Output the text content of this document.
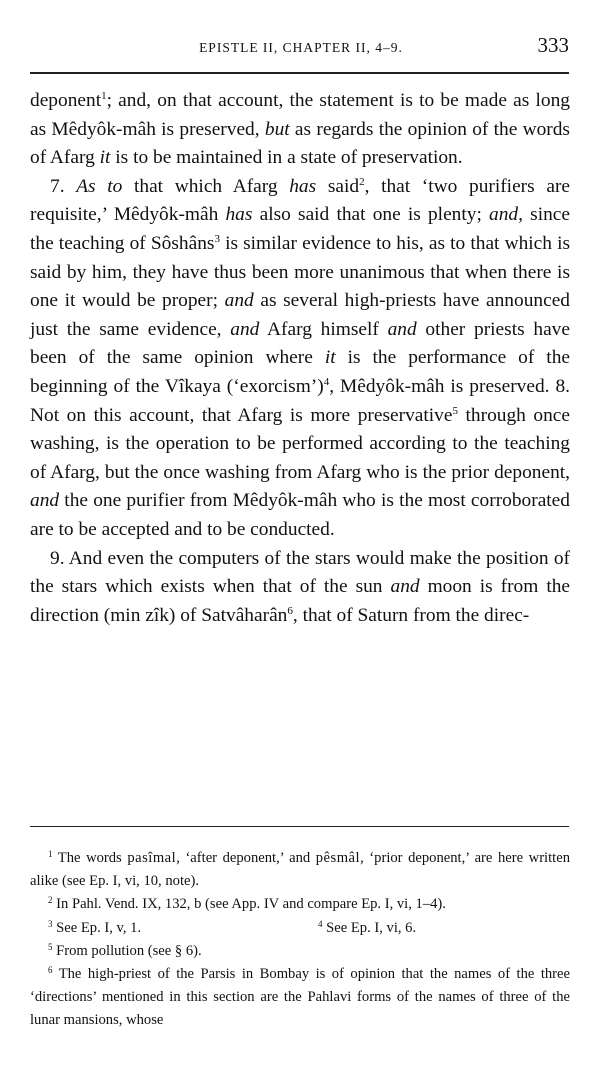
EPISTLE II, CHAPTER II, 4–9.	333

deponent$^1$; and, on that account, the statement is to be made as long as Mêdyôk-mâh is preserved, but as regards the opinion of the words of Afarg it is to be maintained in a state of preservation.

7. As to that which Afarg has said$^2$, that ‘two purifiers are requisite,’ Mêdyôk-mâh has also said that one is plenty; and, since the teaching of Sôshâns$^3$ is similar evidence to his, as to that which is said by him, they have thus been more unanimous that when there is one it would be proper; and as several high-priests have announced just the same evidence, and Afarg himself and other priests have been of the same opinion where it is the performance of the beginning of the Vîkaya (‘exorcism’)$^4$, Mêdyôk-mâh is preserved. 8. Not on this account, that Afarg is more preservative$^5$ through once washing, is the operation to be performed according to the teaching of Afarg, but the once washing from Afarg who is the prior deponent, and the one purifier from Mêdyôk-mâh who is the most corroborated are to be accepted and to be conducted.

9. And even the computers of the stars would make the position of the stars which exists when that of the sun and moon is from the direction (min zîk) of Satvâharân$^6$, that of Saturn from the direc-

$^1$ The words pasîmal, ‘after deponent,’ and pêsmâl, ‘prior deponent,’ are here written alike (see Ep. I, vi, 10, note).

$^2$ In Pahl. Vend. IX, 132, b (see App. IV and compare Ep. I, vi, 1–4).

$^3$ See Ep. I, v, 1.	$^4$ See Ep. I, vi, 6.

$^5$ From pollution (see § 6).

$^6$ The high-priest of the Parsis in Bombay is of opinion that the names of the three ‘directions’ mentioned in this section are the Pahlavi forms of the names of three of the lunar mansions, whose
